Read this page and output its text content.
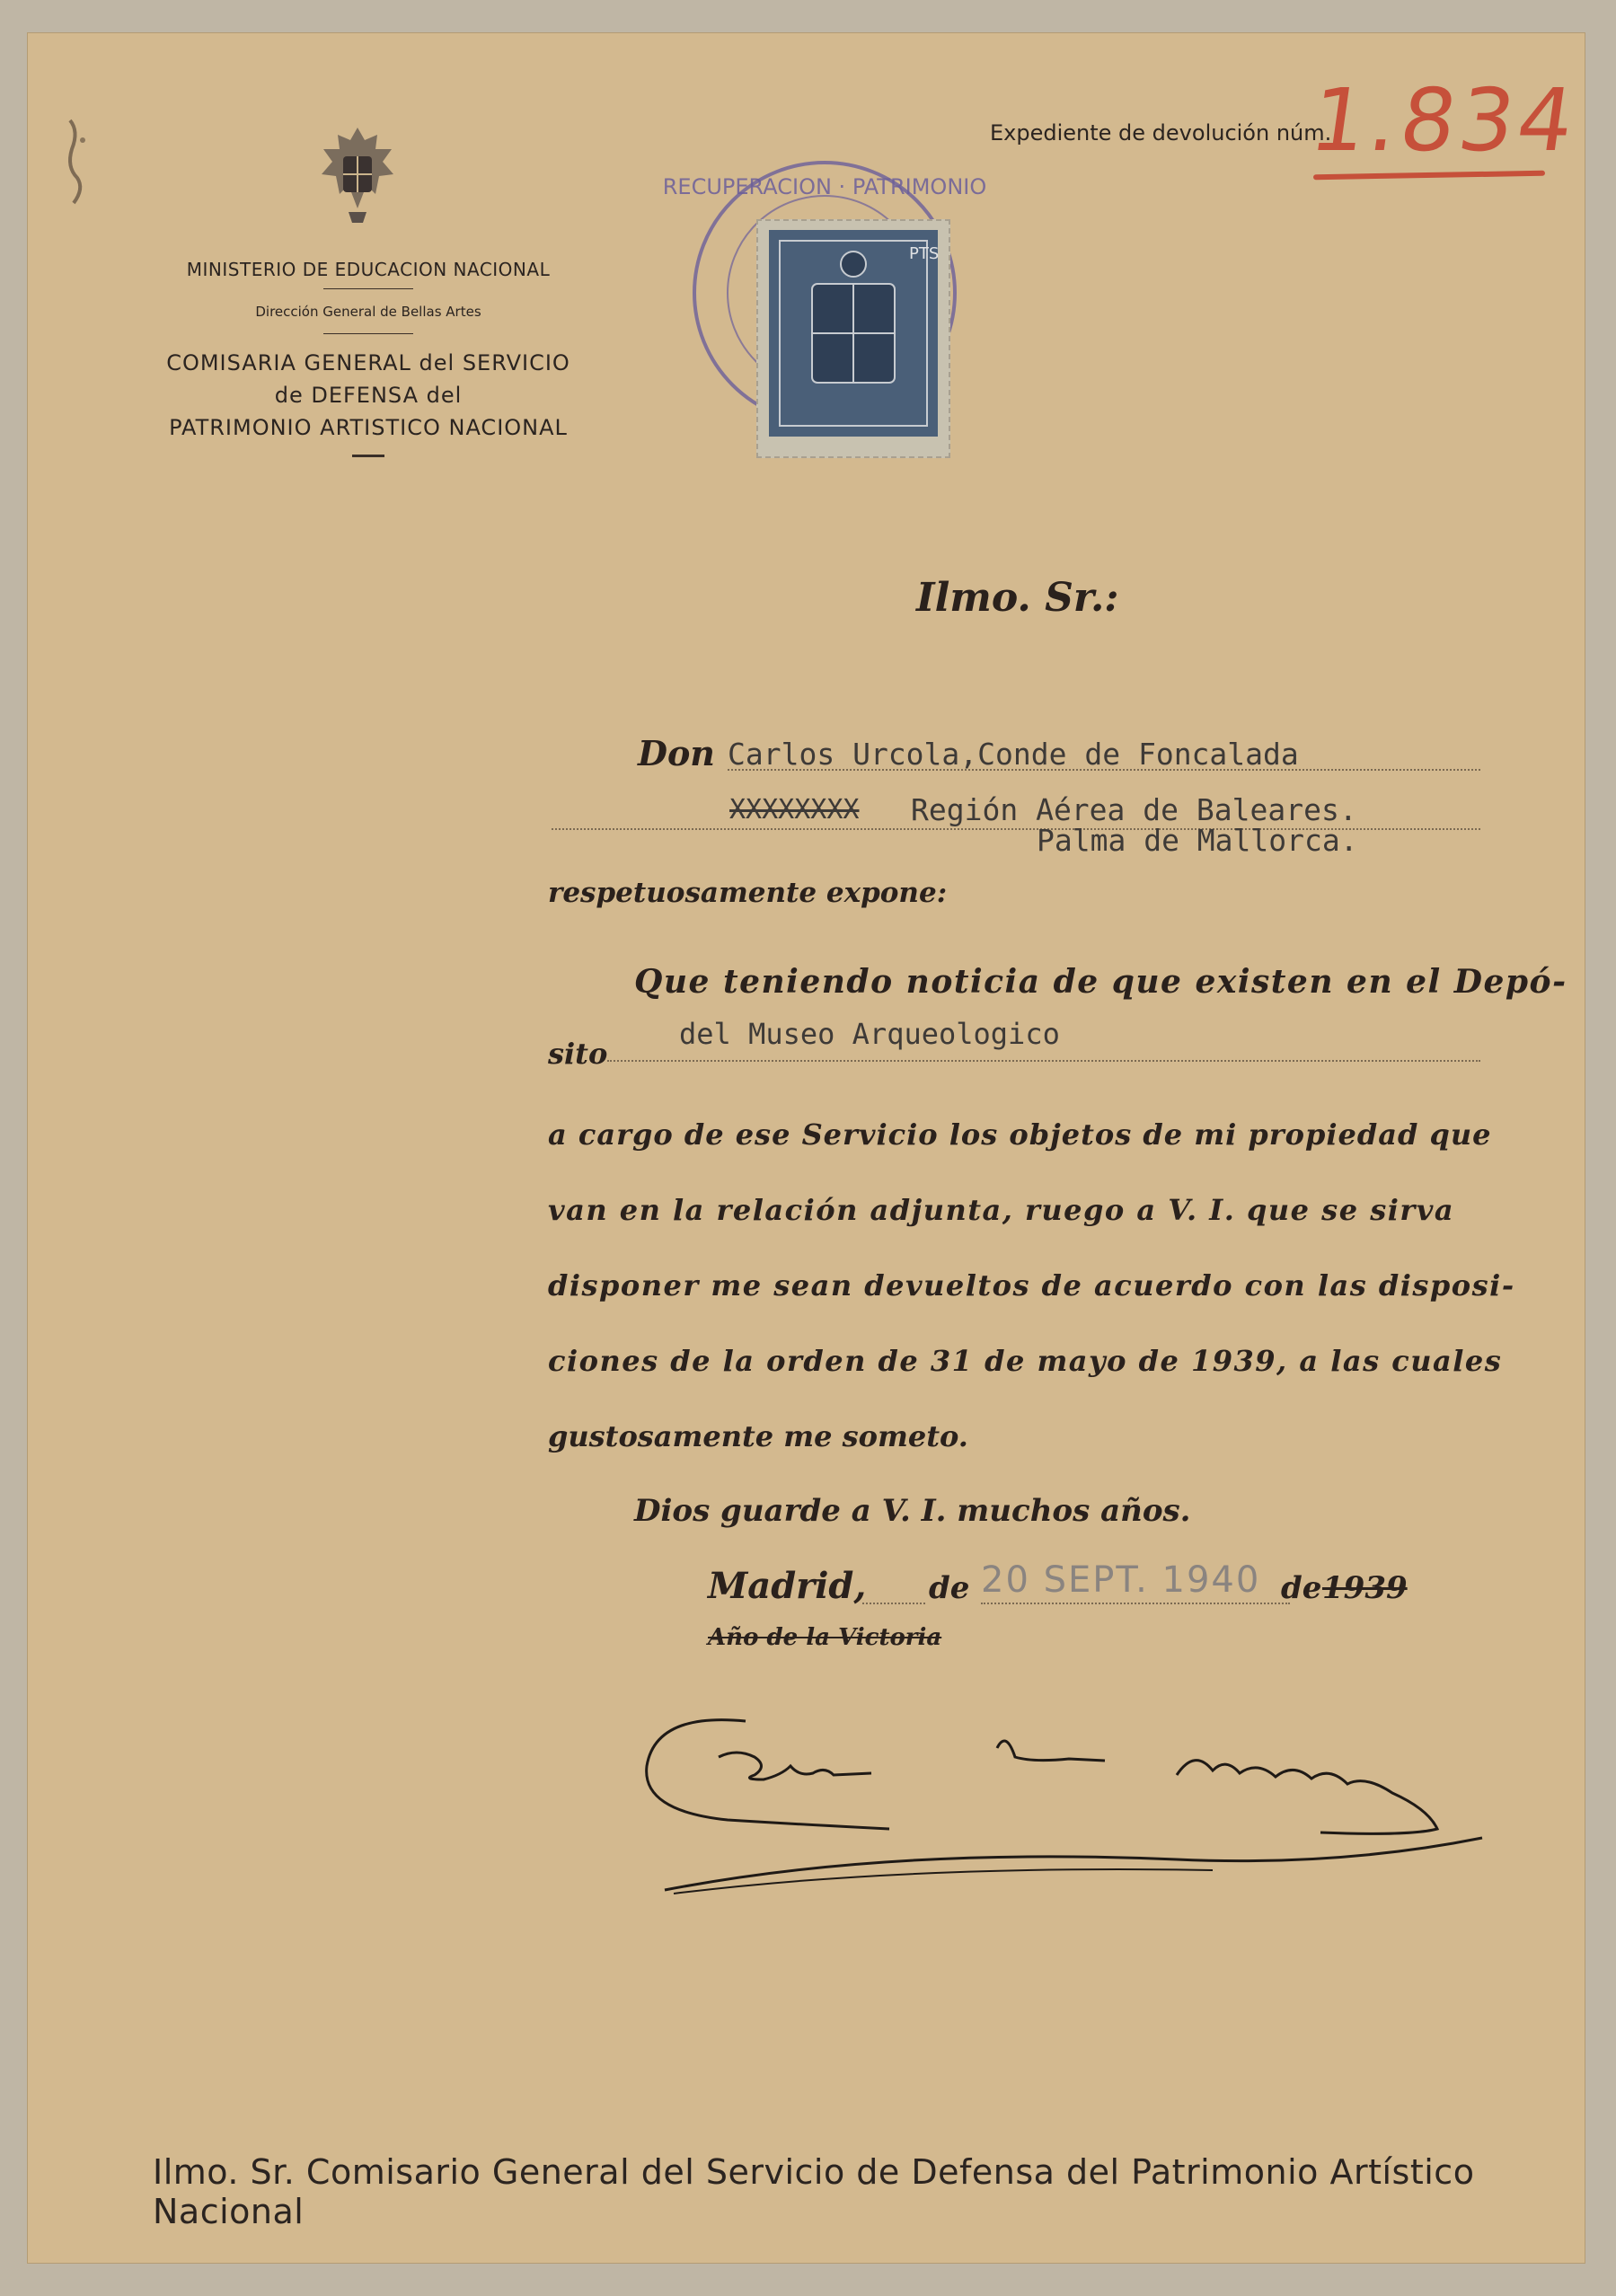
MINISTERIO DE EDUCACION NACIONAL
Dirección General de Bellas Artes
COMISARIA GENERAL del SERVICIO
de DEFENSA del
PATRIMONIO ARTISTICO NACIONAL
Expediente de devolución núm.
1.834
RECUPERACION · PATRIMONIO
PTS
Ilmo. Sr.:
Don Carlos Urcola,Conde de Foncalada
XXXXXXXX Región Aérea de Baleares.
Palma de Mallorca.
respetuosamente expone:
Que teniendo noticia de que existen en el Depó-
sito
del Museo Arqueologico
a cargo de ese Servicio los objetos de mi propiedad que
van en la relación adjunta, ruego a V. I. que se sirva
disponer me sean devueltos de acuerdo con las disposi-
ciones de la orden de 31 de mayo de 1939, a las cuales
gustosamente me someto.
Dios guarde a V. I. muchos años.
Madrid, de 20 SEPT. 1940 de 1939
Año de la Victoria
Ilmo. Sr. Comisario General del Servicio de Defensa del Patrimonio Artístico Nacional
